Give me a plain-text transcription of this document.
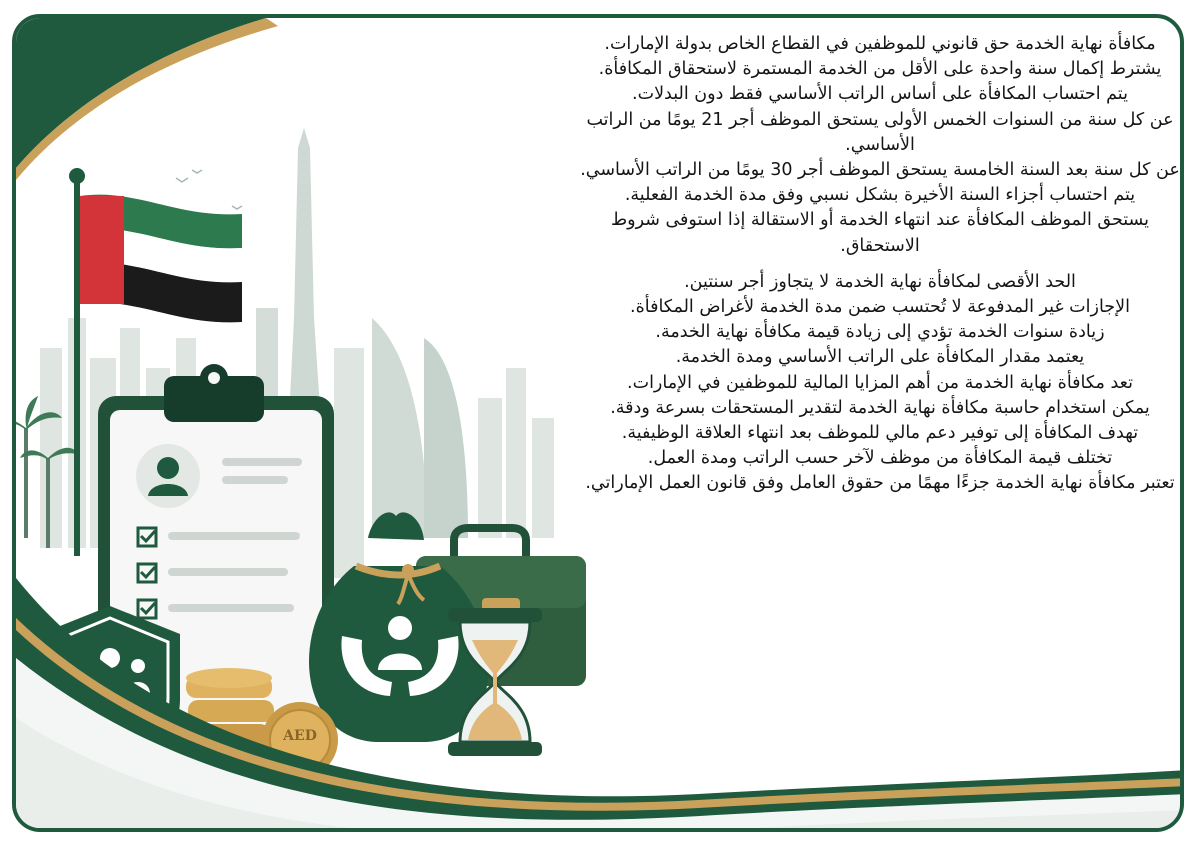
AED

مكافأة نهاية الخدمة حق قانوني للموظفين في القطاع الخاص بدولة الإمارات.

يشترط إكمال سنة واحدة على الأقل من الخدمة المستمرة لاستحقاق المكافأة.

يتم احتساب المكافأة على أساس الراتب الأساسي فقط دون البدلات.

عن كل سنة من السنوات الخمس الأولى يستحق الموظف أجر 21 يومًا من الراتب الأساسي.

عن كل سنة بعد السنة الخامسة يستحق الموظف أجر 30 يومًا من الراتب الأساسي.

يتم احتساب أجزاء السنة الأخيرة بشكل نسبي وفق مدة الخدمة الفعلية.

يستحق الموظف المكافأة عند انتهاء الخدمة أو الاستقالة إذا استوفى شروط الاستحقاق.

الحد الأقصى لمكافأة نهاية الخدمة لا يتجاوز أجر سنتين.

الإجازات غير المدفوعة لا تُحتسب ضمن مدة الخدمة لأغراض المكافأة.

زيادة سنوات الخدمة تؤدي إلى زيادة قيمة مكافأة نهاية الخدمة.

يعتمد مقدار المكافأة على الراتب الأساسي ومدة الخدمة.

تعد مكافأة نهاية الخدمة من أهم المزايا المالية للموظفين في الإمارات.

يمكن استخدام حاسبة مكافأة نهاية الخدمة لتقدير المستحقات بسرعة ودقة.

تهدف المكافأة إلى توفير دعم مالي للموظف بعد انتهاء العلاقة الوظيفية.

تختلف قيمة المكافأة من موظف لآخر حسب الراتب ومدة العمل.

تعتبر مكافأة نهاية الخدمة جزءًا مهمًا من حقوق العامل وفق قانون العمل الإماراتي.
